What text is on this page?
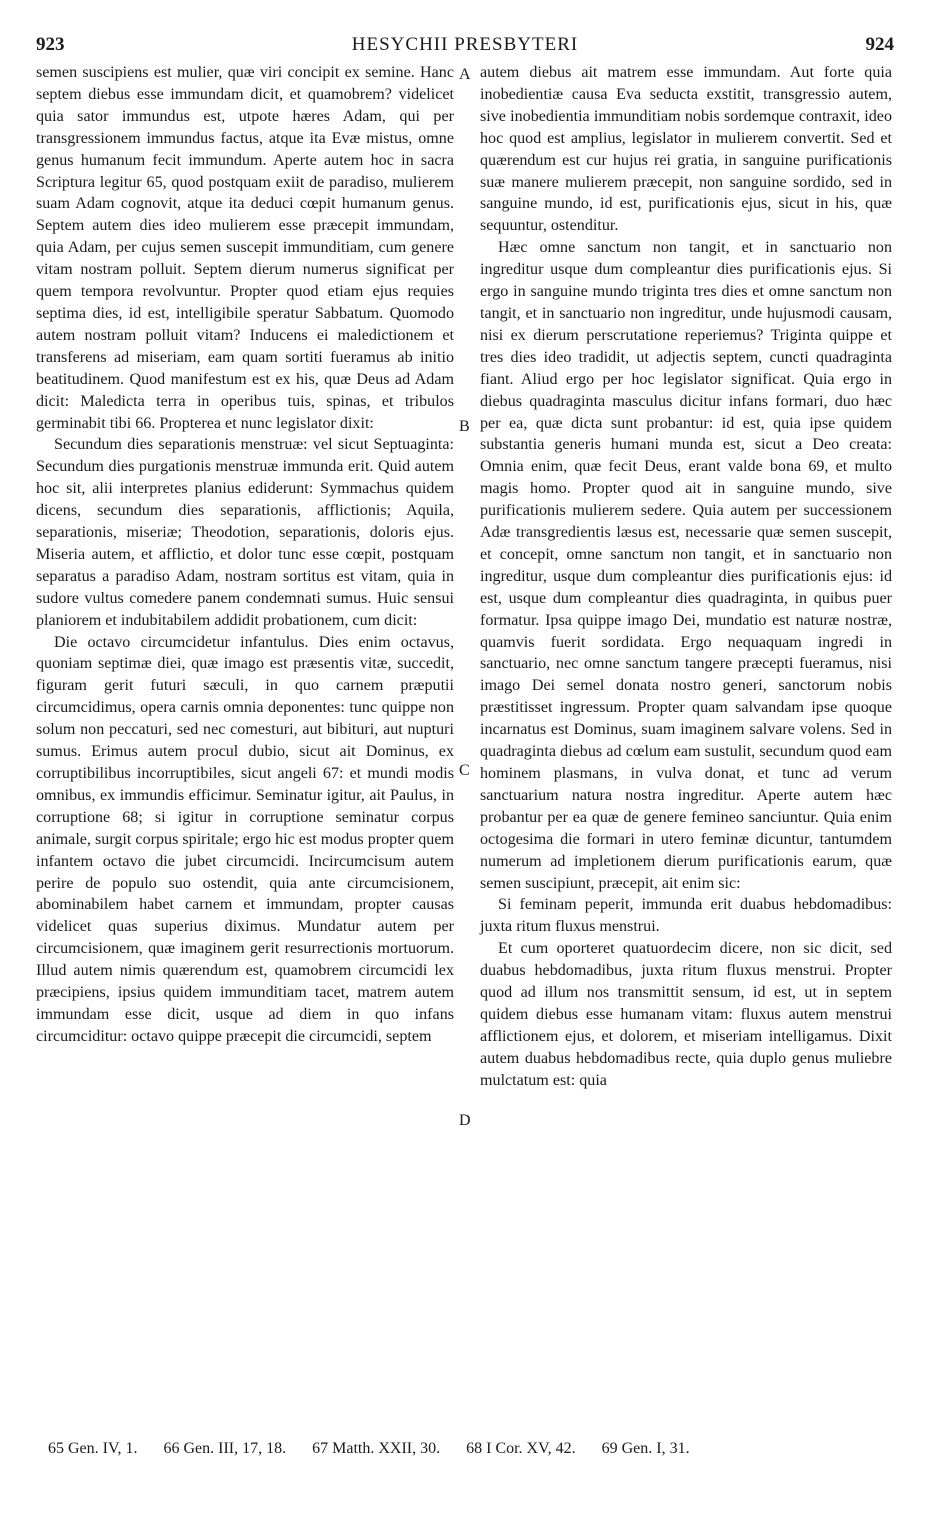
923	HESYCHII PRESBYTERI	924
A
B
C
D

semen suscipiens est mulier, quæ viri concipit ex semine. Hanc septem diebus esse immundam dicit, et quamobrem? videlicet quia sator immundus est, utpote hæres Adam, qui per transgressionem immundus factus, atque ita Evæ mistus, omne genus humanum fecit immundum. Aperte autem hoc in sacra Scriptura legitur 65, quod postquam exiit de paradiso, mulierem suam Adam cognovit, atque ita deduci cœpit humanum genus. Septem autem dies ideo mulierem esse præcepit immundam, quia Adam, per cujus semen suscepit immunditiam, cum genere vitam nostram polluit. Septem dierum numerus significat per quem tempora revolvuntur. Propter quod etiam ejus requies septima dies, id est, intelligibile speratur Sabbatum. Quomodo autem nostram polluit vitam? Inducens ei maledictionem et transferens ad miseriam, eam quam sortiti fueramus ab initio beatitudinem. Quod manifestum est ex his, quæ Deus ad Adam dicit: Maledicta terra in operibus tuis, spinas, et tribulos germinabit tibi 66. Propterea et nunc legislator dixit:

Secundum dies separationis menstruæ: vel sicut Septuaginta: Secundum dies purgationis menstruæ immunda erit. Quid autem hoc sit, alii interpretes planius ediderunt: Symmachus quidem dicens, secundum dies separationis, afflictionis; Aquila, separationis, miseriæ; Theodotion, separationis, doloris ejus. Miseria autem, et afflictio, et dolor tunc esse cœpit, postquam separatus a paradiso Adam, nostram sortitus est vitam, quia in sudore vultus comedere panem condemnati sumus. Huic sensui planiorem et indubitabilem addidit probationem, cum dicit:

Die octavo circumcidetur infantulus. Dies enim octavus, quoniam septimæ diei, quæ imago est præsentis vitæ, succedit, figuram gerit futuri sæculi, in quo carnem præputii circumcidimus, opera carnis omnia deponentes: tunc quippe non solum non peccaturi, sed nec comesturi, aut bibituri, aut nupturi sumus. Erimus autem procul dubio, sicut ait Dominus, ex corruptibilibus incorruptibiles, sicut angeli 67: et mundi modis omnibus, ex immundis efficimur. Seminatur igitur, ait Paulus, in corruptione 68; si igitur in corruptione seminatur corpus animale, surgit corpus spiritale; ergo hic est modus propter quem infantem octavo die jubet circumcidi. Incircumcisum autem perire de populo suo ostendit, quia ante circumcisionem, abominabilem habet carnem et immundam, propter causas videlicet quas superius diximus. Mundatur autem per circumcisionem, quæ imaginem gerit resurrectionis mortuorum. Illud autem nimis quærendum est, quamobrem circumcidi lex præcipiens, ipsius quidem immunditiam tacet, matrem autem immundam esse dicit, usque ad diem in quo infans circumciditur: octavo quippe præcepit die circumcidi, septem

autem diebus ait matrem esse immundam. Aut forte quia inobedientiæ causa Eva seducta exstitit, transgressio autem, sive inobedientia immunditiam nobis sordemque contraxit, ideo hoc quod est amplius, legislator in mulierem convertit. Sed et quærendum est cur hujus rei gratia, in sanguine purificationis suæ manere mulierem præcepit, non sanguine sordido, sed in sanguine mundo, id est, purificationis ejus, sicut in his, quæ sequuntur, ostenditur.

Hæc omne sanctum non tangit, et in sanctuario non ingreditur usque dum compleantur dies purificationis ejus. Si ergo in sanguine mundo triginta tres dies et omne sanctum non tangit, et in sanctuario non ingreditur, unde hujusmodi causam, nisi ex dierum perscrutatione reperiemus? Triginta quippe et tres dies ideo tradidit, ut adjectis septem, cuncti quadraginta fiant. Aliud ergo per hoc legislator significat. Quia ergo in diebus quadraginta masculus dicitur infans formari, duo hæc per ea, quæ dicta sunt probantur: id est, quia ipse quidem substantia generis humani munda est, sicut a Deo creata: Omnia enim, quæ fecit Deus, erant valde bona 69, et multo magis homo. Propter quod ait in sanguine mundo, sive purificationis mulierem sedere. Quia autem per successionem Adæ transgredientis læsus est, necessarie quæ semen suscepit, et concepit, omne sanctum non tangit, et in sanctuario non ingreditur, usque dum compleantur dies purificationis ejus: id est, usque dum compleantur dies quadraginta, in quibus puer formatur. Ipsa quippe imago Dei, mundatio est naturæ nostræ, quamvis fuerit sordidata. Ergo nequaquam ingredi in sanctuario, nec omne sanctum tangere præcepti fueramus, nisi imago Dei semel donata nostro generi, sanctorum nobis præstitisset ingressum. Propter quam salvandam ipse quoque incarnatus est Dominus, suam imaginem salvare volens. Sed in quadraginta diebus ad cœlum eam sustulit, secundum quod eam hominem plasmans, in vulva donat, et tunc ad verum sanctuarium natura nostra ingreditur. Aperte autem hæc probantur per ea quæ de genere femineo sanciuntur. Quia enim octogesima die formari in utero feminæ dicuntur, tantumdem numerum ad impletionem dierum purificationis earum, quæ semen suscipiunt, præcepit, ait enim sic:

Si feminam peperit, immunda erit duabus hebdomadibus: juxta ritum fluxus menstrui.

Et cum oporteret quatuordecim dicere, non sic dicit, sed duabus hebdomadibus, juxta ritum fluxus menstrui. Propter quod ad illum nos transmittit sensum, id est, ut in septem quidem diebus esse humanam vitam: fluxus autem menstrui afflictionem ejus, et dolorem, et miseriam intelligamus. Dixit autem duabus hebdomadibus recte, quia duplo genus muliebre mulctatum est: quia

65 Gen. IV, 1. 66 Gen. III, 17, 18. 67 Matth. XXII, 30. 68 I Cor. XV, 42. 69 Gen. I, 31.
